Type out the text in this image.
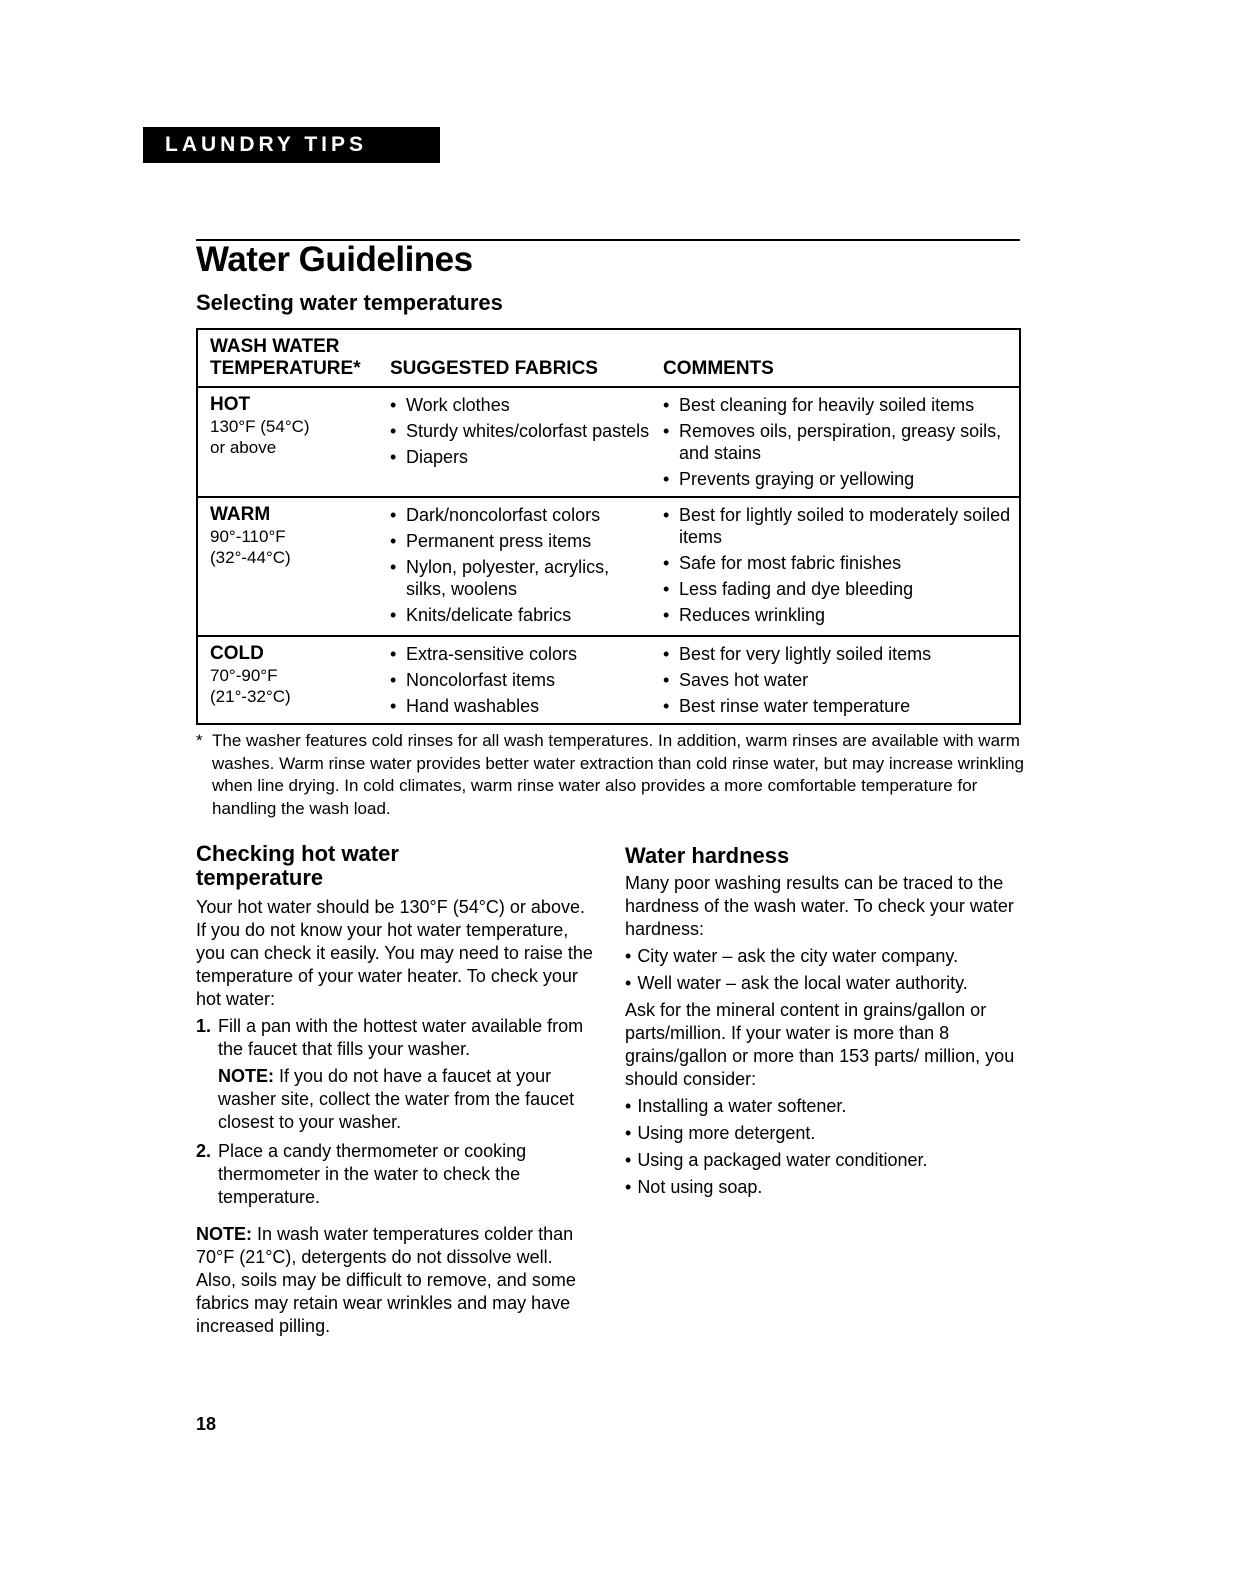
LAUNDRY TIPS
Water Guidelines
Selecting water temperatures
WASH WATER
TEMPERATURE*	SUGGESTED FABRICS	COMMENTS
HOT
130°F (54°C)
or above
• Work clothes
• Sturdy whites/colorfast pastels
• Diapers
• Best cleaning for heavily soiled items
• Removes oils, perspiration, greasy soils, and stains
• Prevents graying or yellowing
WARM
90°-110°F
(32°-44°C)
• Dark/noncolorfast colors
• Permanent press items
• Nylon, polyester, acrylics, silks, woolens
• Knits/delicate fabrics
• Best for lightly soiled to moderately soiled items
• Safe for most fabric finishes
• Less fading and dye bleeding
• Reduces wrinkling
COLD
70°-90°F
(21°-32°C)
• Extra-sensitive colors
• Noncolorfast items
• Hand washables
• Best for very lightly soiled items
• Saves hot water
• Best rinse water temperature
* The washer features cold rinses for all wash temperatures. In addition, warm rinses are available with warm washes. Warm rinse water provides better water extraction than cold rinse water, but may increase wrinkling when line drying. In cold climates, warm rinse water also provides a more comfortable temperature for handling the wash load.

Checking hot water
temperature

Your hot water should be 130°F (54°C) or above. If you do not know your hot water temperature, you can check it easily. You may need to raise the temperature of your water heater. To check your hot water:

1. Fill a pan with the hottest water available from the faucet that fills your washer.

NOTE: If you do not have a faucet at your washer site, collect the water from the faucet closest to your washer.

2. Place a candy thermometer or cooking thermometer in the water to check the temperature.

NOTE: In wash water temperatures colder than 70°F (21°C), detergents do not dissolve well. Also, soils may be difficult to remove, and some fabrics may retain wear wrinkles and may have increased pilling.

Water hardness

Many poor washing results can be traced to the hardness of the wash water. To check your water hardness:

• City water – ask the city water company.
• Well water – ask the local water authority.

Ask for the mineral content in grains/gallon or parts/million. If your water is more than 8 grains/gallon or more than 153 parts/ million, you should consider:

• Installing a water softener.
• Using more detergent.
• Using a packaged water conditioner.
• Not using soap.
18
